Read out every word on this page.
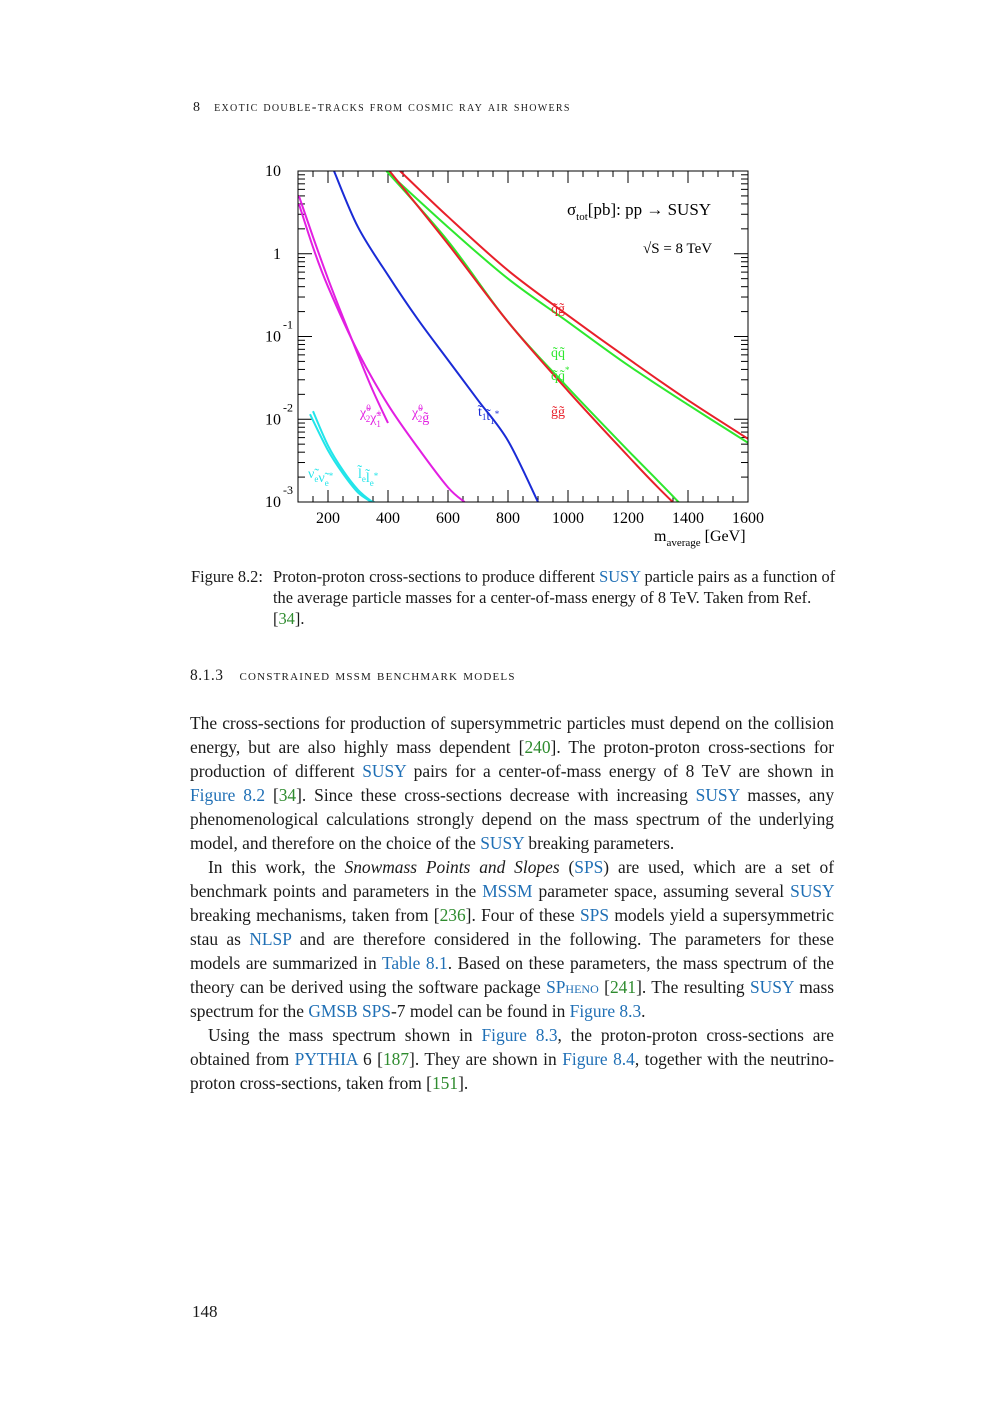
8 exotic double-tracks from cosmic ray air showers
10
1
10
-1
10
-2
10
-3
200 400 600 800 1000 1200 1400 1600
q̃g̃
q̃q̃
q̃q̃*
g̃g̃
$t̃_1t̃_1^*$
χ̃$^0$ 2χ̃± 1
χ̃$^0$ 2g̃
$\nũ_e\nũ_e^*$ $l̃_el̃_e^*$
$\sigma_{tot}[pb]$: pp → SUSY
√S = 8 TeV
$m_{average}$ [GeV]
Figure 8.2: Proton-proton cross-sections to produce different SUSY particle pairs as a function of the average particle masses for a center-of-mass energy of 8 TeV. Taken from Ref. [34].
8.1.3 constrained mssm benchmark models

The cross-sections for production of supersymmetric particles must depend on the collision energy, but are also highly mass dependent [240]. The proton-proton cross-sections for production of different SUSY pairs for a center-of-mass energy of 8 TeV are shown in Figure 8.2 [34]. Since these cross-sections decrease with increasing SUSY masses, any phenomenological calculations strongly depend on the mass spectrum of the underlying model, and therefore on the choice of the SUSY breaking parameters.

In this work, the Snowmass Points and Slopes (SPS) are used, which are a set of benchmark points and parameters in the MSSM parameter space, assuming several SUSY breaking mechanisms, taken from [236]. Four of these SPS models yield a supersymmetric stau as NLSP and are therefore considered in the following. The parameters for these models are summarized in Table 8.1. Based on these parameters, the mass spectrum of the theory can be derived using the software package SPheno [241]. The resulting SUSY mass spectrum for the GMSB SPS-7 model can be found in Figure 8.3.

Using the mass spectrum shown in Figure 8.3, the proton-proton cross-sections are obtained from PYTHIA 6 [187]. They are shown in Figure 8.4, together with the neutrino-proton cross-sections, taken from [151].

148
